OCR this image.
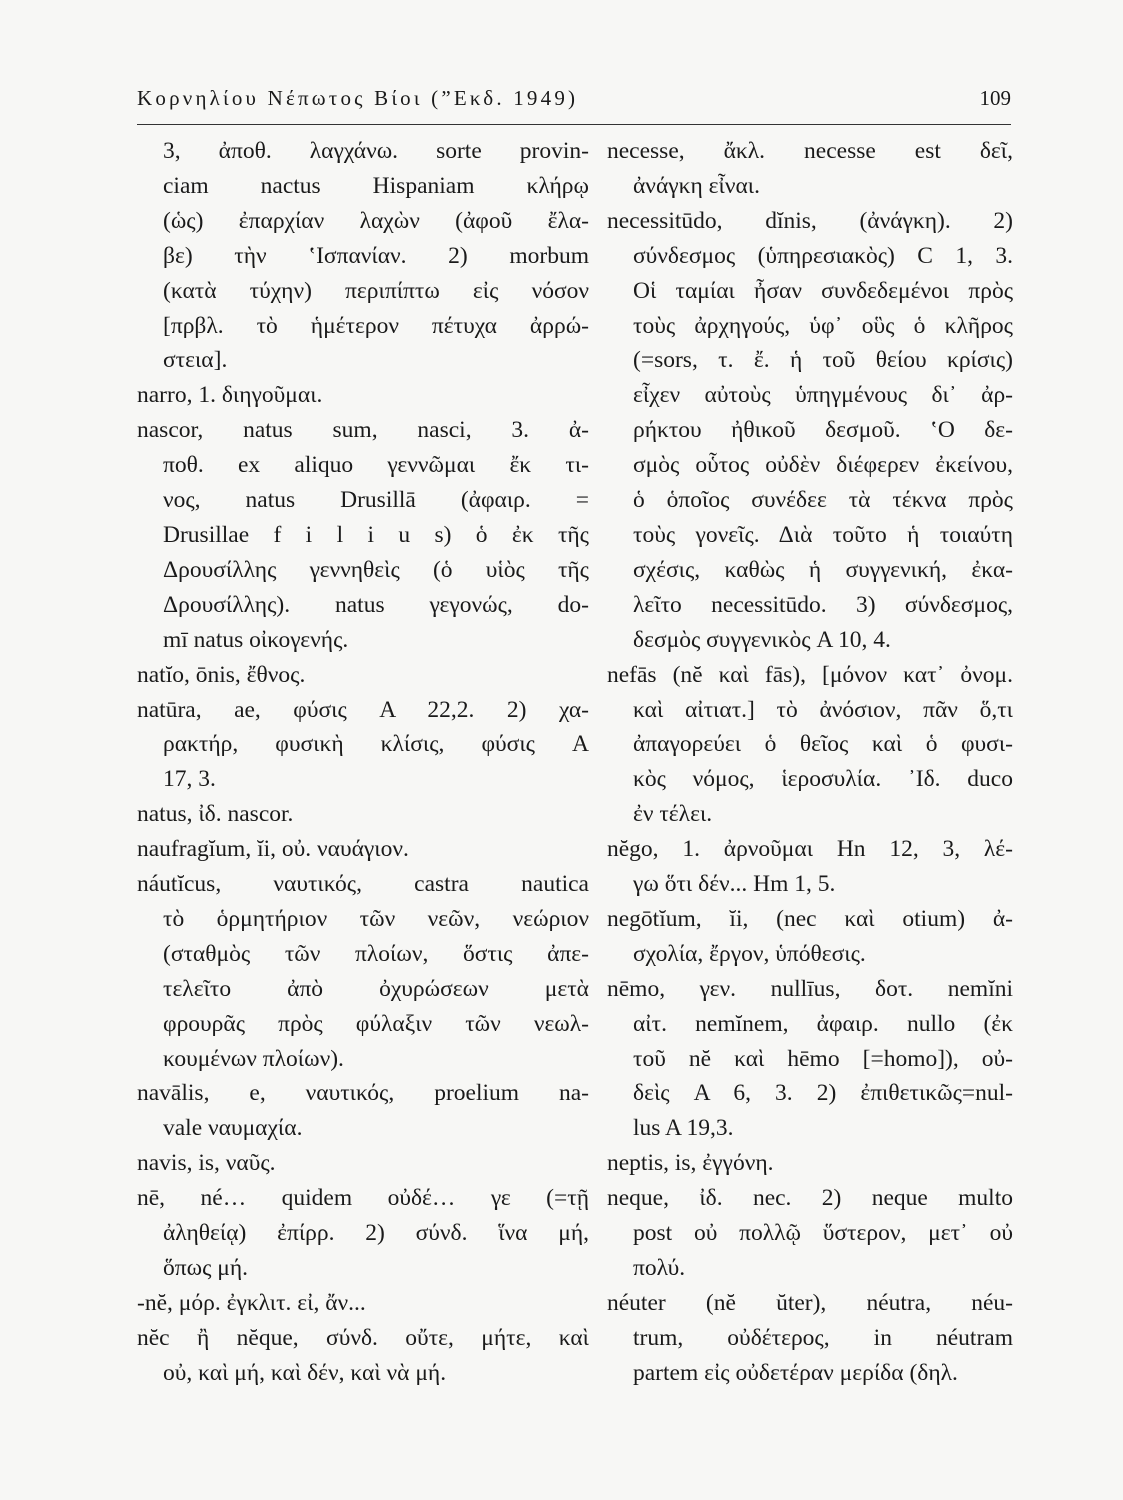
Κορνηλίου Νέπωτος Βίοι (”Εκδ. 1949)	109
3, ἀποθ. λαγχάνω. sorte provin-
ciam nactus Hispaniam κλήρῳ
(ὡς) ἐπαρχίαν λαχὼν (ἀφοῦ ἔλα-
βε) τὴν ʽΙσπανίαν. 2) morbum
(κατὰ τύχην) περιπίπτω εἰς νόσον
[πρβλ. τὸ ἡμέτερον πέτυχα ἀρρώ-
στεια].
narro, 1. διηγοῦμαι.
nascor, natus sum, nasci, 3. ἀ-
ποθ. ex aliquo γεννῶμαι ἔκ τι-
νος, natus Drusillā (ἀφαιρ. =
Drusillae f i l i u s) ὁ ἐκ τῆς
Δρουσίλλης γεννηθεὶς (ὁ υἱὸς τῆς
Δρουσίλλης). natus γεγονώς, do-
mī natus οἰκογενής.
natĭo, ōnis, ἔθνος.
natūra, ae, φύσις A 22,2. 2) χα-
ρακτήρ, φυσικὴ κλίσις, φύσις A
17, 3.
natus, ἰδ. nascor.
naufragĭum, ĭi, οὐ. ναυάγιον.
náutĭcus, ναυτικός, castra nautica
τὸ ὁρμητήριον τῶν νεῶν, νεώριον
(σταθμὸς τῶν πλοίων, ὅστις ἀπε-
τελεῖτο ἀπὸ ὀχυρώσεων μετὰ
φρουρᾶς πρὸς φύλαξιν τῶν νεωλ-
κουμένων πλοίων).
navālis, e, ναυτικός, proelium na-
vale ναυμαχία.
navis, is, ναῦς.
nē, né… quidem οὐδέ… γε (=τῇ
ἀληθείᾳ) ἐπίρρ. 2) σύνδ. ἵνα μή,
ὅπως μή.
-nĕ, μόρ. ἐγκλιτ. εἰ, ἄν...
nĕc ἢ nĕque, σύνδ. οὔτε, μήτε, καὶ
οὐ, καὶ μή, καὶ δέν, καὶ νὰ μή.
necesse, ἄκλ. necesse est δεῖ,
ἀνάγκη εἶναι.
necessitūdo, dĭnis, (ἀνάγκη). 2)
σύνδεσμος (ὑπηρεσιακὸς) C 1, 3.
Οἱ ταμίαι ἦσαν συνδεδεμένοι πρὸς
τοὺς ἀρχηγούς, ὑφ᾽ οὓς ὁ κλῆρος
(=sors, τ. ἔ. ἡ τοῦ θείου κρίσις)
εἶχεν αὐτοὺς ὑπηγμένους δι᾽ ἀρ-
ρήκτου ἠθικοῦ δεσμοῦ. ʽΟ δε-
σμὸς οὗτος οὐδὲν διέφερεν ἐκείνου,
ὁ ὁποῖος συνέδεε τὰ τέκνα πρὸς
τοὺς γονεῖς. Διὰ τοῦτο ἡ τοιαύτη
σχέσις, καθὼς ἡ συγγενική, ἐκα-
λεῖτο necessitūdo. 3) σύνδεσμος,
δεσμὸς συγγενικὸς A 10, 4.
nefās (nĕ καὶ fās), [μόνον κατ᾽ ὀνομ.
καὶ αἰτιατ.] τὸ ἀνόσιον, πᾶν ὅ,τι
ἀπαγορεύει ὁ θεῖος καὶ ὁ φυσι-
κὸς νόμος, ἱεροσυλία. ᾿Ιδ. duco
ἐν τέλει.
nĕgo, 1. ἀρνοῦμαι Hn 12, 3, λέ-
γω ὅτι δέν... Hm 1, 5.
negōtĭum, ĭi, (nec καὶ otium) ἀ-
σχολία, ἔργον, ὑπόθεσις.
nēmo, γεν. nullīus, δοτ. nemĭni
αἰτ. nemĭnem, ἀφαιρ. nullo (ἐκ
τοῦ nĕ καὶ hēmo [=homo]), οὐ-
δεὶς A 6, 3. 2) ἐπιθετικῶς=nul-
lus A 19,3.
neptis, is, ἐγγόνη.
neque, ἰδ. nec. 2) neque multo
post οὐ πολλῷ ὕστερον, μετ᾽ οὐ
πολύ.
néuter (nĕ ŭter), néutra, néu-
trum, οὐδέτερος, in néutram
partem εἰς οὐδετέραν μερίδα (δηλ.
